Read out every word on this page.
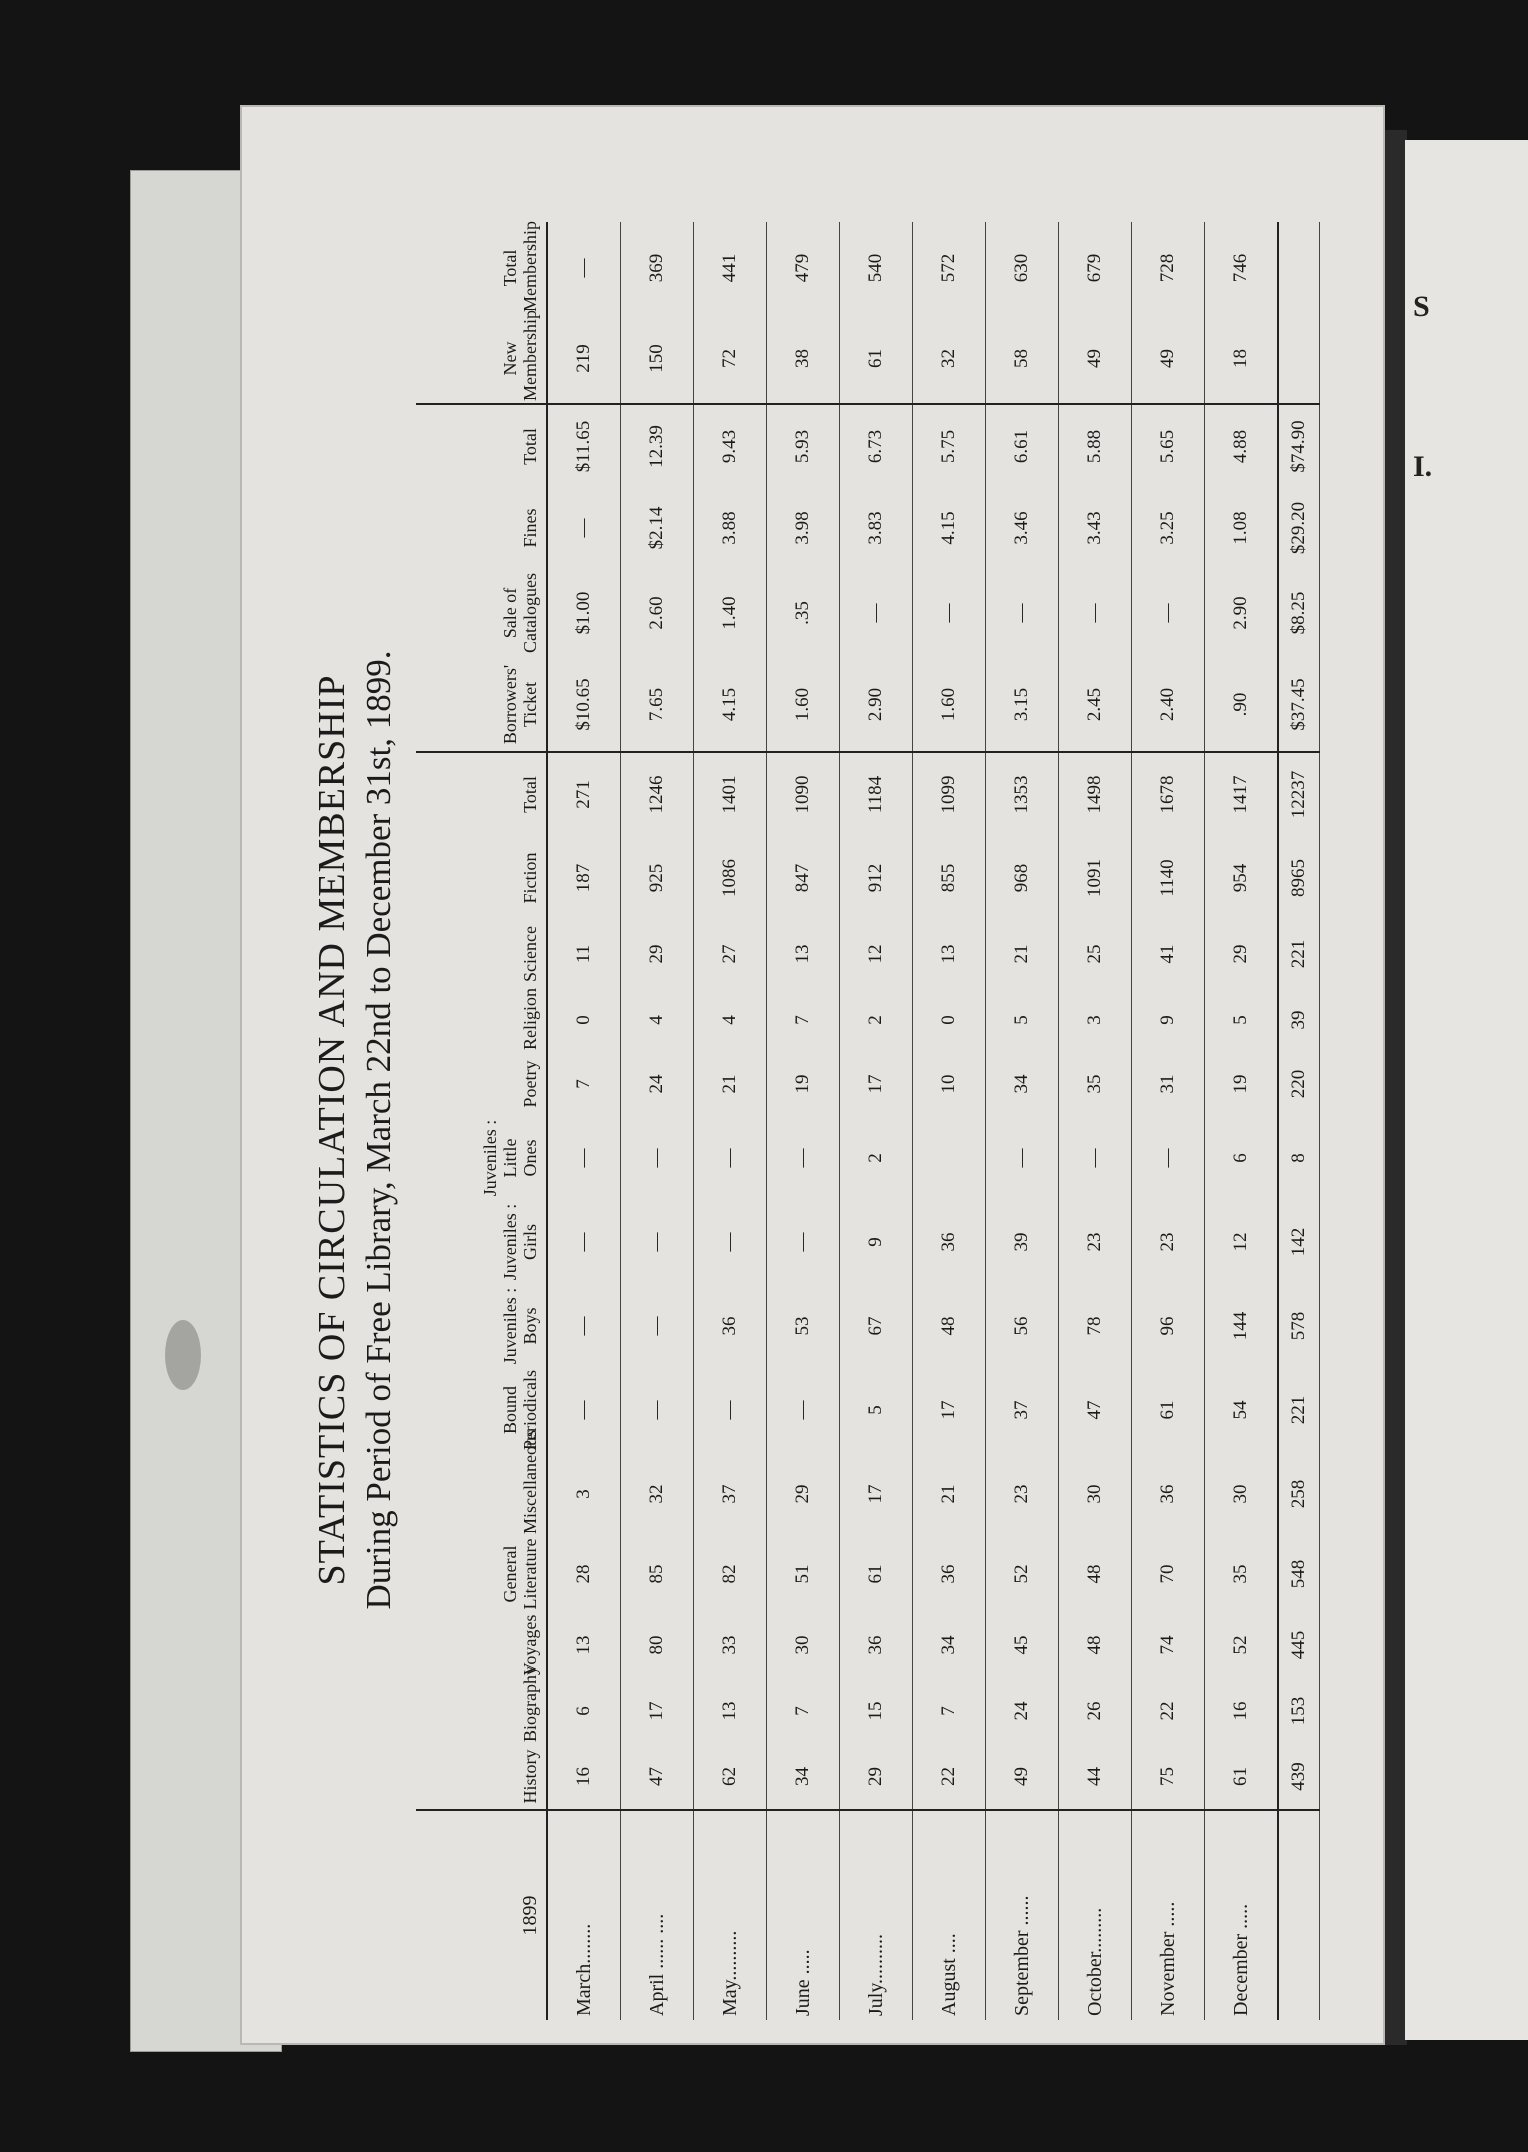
S
I.
STATISTICS OF CIRCULATION AND MEMBERSHIP During Period of Free Library, March 22nd to December 31st, 1899.
1899	History	Biography	Voyages	General Literature	Miscellaneous	Bound Periodicals	Juveniles : Boys	Juveniles : Girls	Juveniles : Little Ones	Poetry	Religion	Science	Fiction	Total	Borrowers' Ticket	Sale of Catalogues	Fines	Total	New Membership	Total Membership
March........	16	6	13	28	3	—	—	—	—	7	0	11	187	271	$10.65	$1.00	—	$11.65	219	—
April ...... ....	47	17	80	85	32	—	—	—	—	24	4	29	925	1246	7.65	2.60	$2.14	12.39	150	369
May..........	62	13	33	82	37	—	36	—	—	21	4	27	1086	1401	4.15	1.40	3.88	9.43	72	441
June .....	34	7	30	51	29	—	53	—	—	19	7	13	847	1090	1.60	.35	3.98	5.93	38	479
July..........	29	15	36	61	17	5	67	9	2	17	2	12	912	1184	2.90	—	3.83	6.73	61	540
August ....	22	7	34	36	21	17	48	36		10	0	13	855	1099	1.60	—	4.15	5.75	32	572
September ......	49	24	45	52	23	37	56	39	—	34	5	21	968	1353	3.15	—	3.46	6.61	58	630
October.........	44	26	48	48	30	47	78	23	—	35	3	25	1091	1498	2.45	—	3.43	5.88	49	679
November .....	75	22	74	70	36	61	96	23	—	31	9	41	1140	1678	2.40	—	3.25	5.65	49	728
December .....	61	16	52	35	30	54	144	12	6	19	5	29	954	1417	.90	2.90	1.08	4.88	18	746
	439	153	445	548	258	221	578	142	8	220	39	221	8965	12237	$37.45	$8.25	$29.20	$74.90		
